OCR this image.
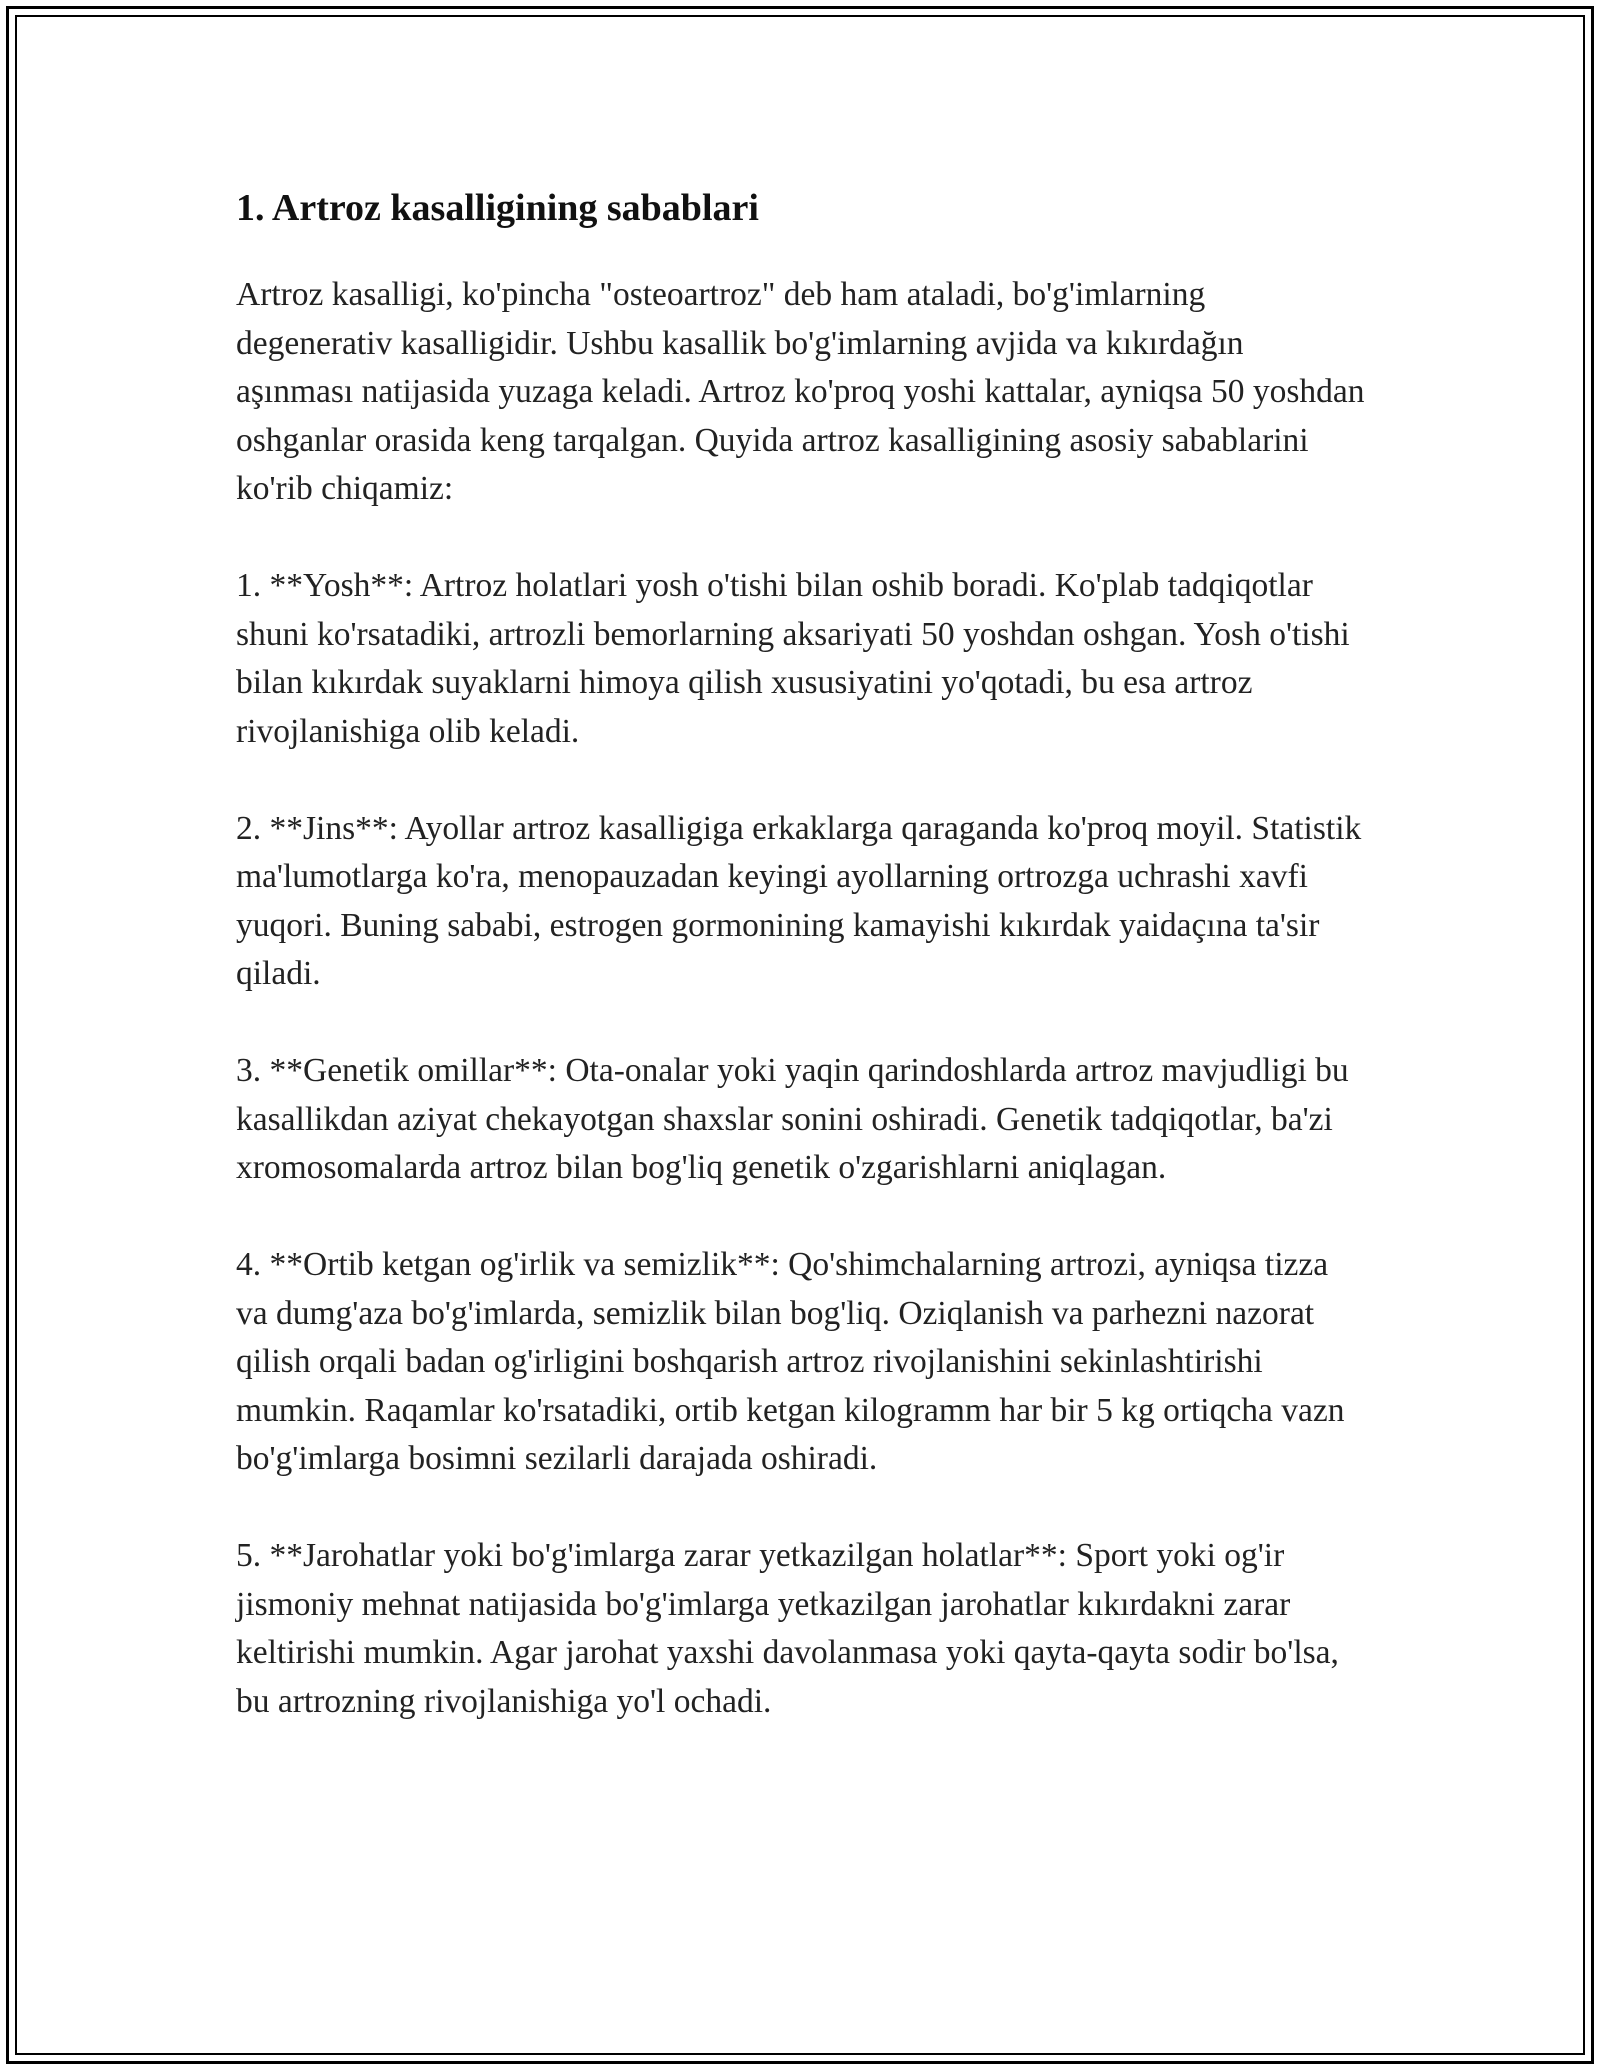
1. Artroz kasalligining sabablari

Artroz kasalligi, ko'pincha "osteoartroz" deb ham ataladi, bo'g'imlarning degenerativ kasalligidir. Ushbu kasallik bo'g'imlarning avjida va kıkırdağın aşınması natijasida yuzaga keladi. Artroz ko'proq yoshi kattalar, ayniqsa 50 yoshdan oshganlar orasida keng tarqalgan. Quyida artroz kasalligining asosiy sabablarini ko'rib chiqamiz:

1. **Yosh**: Artroz holatlari yosh o'tishi bilan oshib boradi. Ko'plab tadqiqotlar shuni ko'rsatadiki, artrozli bemorlarning aksariyati 50 yoshdan oshgan. Yosh o'tishi bilan kıkırdak suyaklarni himoya qilish xususiyatini yo'qotadi, bu esa artroz rivojlanishiga olib keladi.

2. **Jins**: Ayollar artroz kasalligiga erkaklarga qaraganda ko'proq moyil. Statistik ma'lumotlarga ko'ra, menopauzadan keyingi ayollarning ortrozga uchrashi xavfi yuqori. Buning sababi, estrogen gormonining kamayishi kıkırdak yaidaçına ta'sir qiladi.

3. **Genetik omillar**: Ota-onalar yoki yaqin qarindoshlarda artroz mavjudligi bu kasallikdan aziyat chekayotgan shaxslar sonini oshiradi. Genetik tadqiqotlar, ba'zi xromosomalarda artroz bilan bog'liq genetik o'zgarishlarni aniqlagan.

4. **Ortib ketgan og'irlik va semizlik**: Qo'shimchalarning artrozi, ayniqsa tizza va dumg'aza bo'g'imlarda, semizlik bilan bog'liq. Oziqlanish va parhezni nazorat qilish orqali badan og'irligini boshqarish artroz rivojlanishini sekinlashtirishi mumkin. Raqamlar ko'rsatadiki, ortib ketgan kilogramm har bir 5 kg ortiqcha vazn bo'g'imlarga bosimni sezilarli darajada oshiradi.

5. **Jarohatlar yoki bo'g'imlarga zarar yetkazilgan holatlar**: Sport yoki og'ir jismoniy mehnat natijasida bo'g'imlarga yetkazilgan jarohatlar kıkırdakni zarar keltirishi mumkin. Agar jarohat yaxshi davolanmasa yoki qayta-qayta sodir bo'lsa, bu artrozning rivojlanishiga yo'l ochadi.
